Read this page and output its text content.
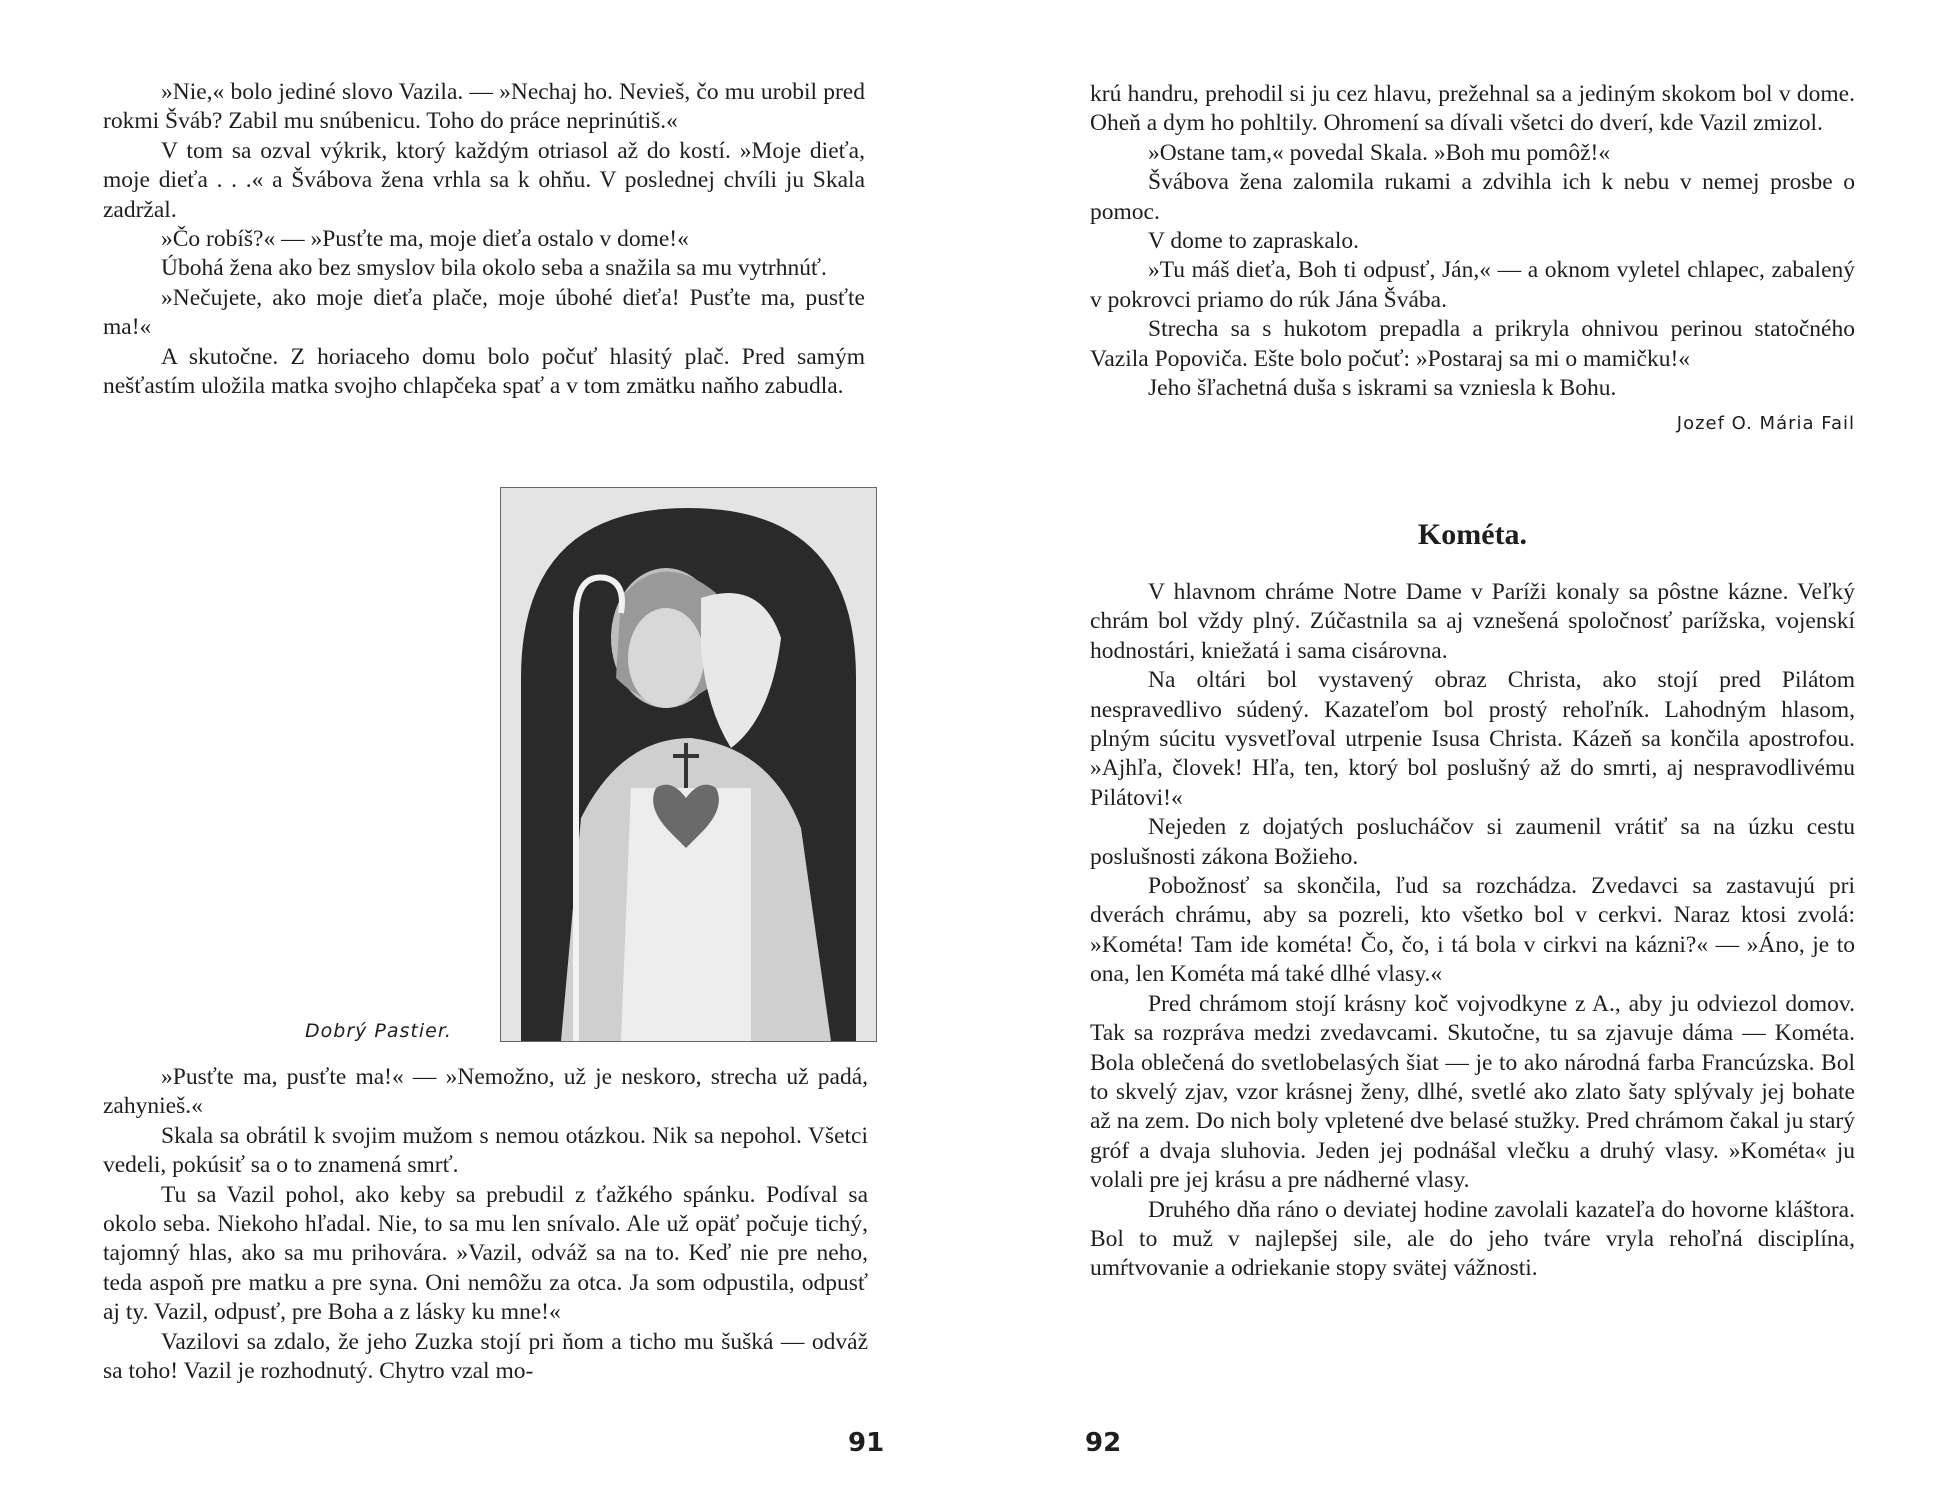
»Nie,« bolo jediné slovo Vazila. — »Nechaj ho. Nevieš, čo mu urobil pred rokmi Šváb? Zabil mu snúbenicu. Toho do práce neprinútiš.«

V tom sa ozval výkrik, ktorý každým otriasol až do kostí. »Moje dieťa, moje dieťa . . .« a Švábova žena vrhla sa k ohňu. V poslednej chvíli ju Skala zadržal.

»Čo robíš?« — »Pusťte ma, moje dieťa ostalo v dome!«

Úbohá žena ako bez smyslov bila okolo seba a snažila sa mu vytrhnúť.

»Nečujete, ako moje dieťa plače, moje úbohé dieťa! Pusťte ma, pusťte ma!«

A skutočne. Z horiaceho domu bolo počuť hlasitý plač. Pred samým nešťastím uložila matka svojho chlapčeka spať a v tom zmätku naňho zabudla.

Dobrý Pastier.

»Pusťte ma, pusťte ma!« — »Nemožno, už je neskoro, strecha už padá, zahynieš.«

Skala sa obrátil k svojim mužom s nemou otázkou. Nik sa nepohol. Všetci vedeli, pokúsiť sa o to znamená smrť.

Tu sa Vazil pohol, ako keby sa prebudil z ťažkého spánku. Podíval sa okolo seba. Niekoho hľadal. Nie, to sa mu len snívalo. Ale už opäť počuje tichý, tajomný hlas, ako sa mu prihovára. »Vazil, odváž sa na to. Keď nie pre neho, teda aspoň pre matku a pre syna. Oni nemôžu za otca. Ja som odpustila, odpusť aj ty. Vazil, odpusť, pre Boha a z lásky ku mne!«

Vazilovi sa zdalo, že jeho Zuzka stojí pri ňom a ticho mu šušká — odváž sa toho! Vazil je rozhodnutý. Chytro vzal mo-

91

krú handru, prehodil si ju cez hlavu, prežehnal sa a jediným skokom bol v dome. Oheň a dym ho pohltily. Ohromení sa dívali všetci do dverí, kde Vazil zmizol.

»Ostane tam,« povedal Skala. »Boh mu pomôž!«

Švábova žena zalomila rukami a zdvihla ich k nebu v nemej prosbe o pomoc.

V dome to zapraskalo.

»Tu máš dieťa, Boh ti odpusť, Ján,« — a oknom vyletel chlapec, zabalený v pokrovci priamo do rúk Jána Švába.

Strecha sa s hukotom prepadla a prikryla ohnivou perinou statočného Vazila Popoviča. Ešte bolo počuť: »Postaraj sa mi o mamičku!«

Jeho šľachetná duša s iskrami sa vzniesla k Bohu.

Jozef O. Mária Fail
Kométa.

V hlavnom chráme Notre Dame v Paríži konaly sa pôstne kázne. Veľký chrám bol vždy plný. Zúčastnila sa aj vznešená spoločnosť parížska, vojenskí hodnostári, kniežatá i sama cisárovna.

Na oltári bol vystavený obraz Christa, ako stojí pred Pilátom nespravedlivo súdený. Kazateľom bol prostý rehoľník. Lahodným hlasom, plným súcitu vysvetľoval utrpenie Isusa Christa. Kázeň sa končila apostrofou. »Ajhľa, človek! Hľa, ten, ktorý bol poslušný až do smrti, aj nespravodlivému Pilátovi!«

Nejeden z dojatých poslucháčov si zaumenil vrátiť sa na úzku cestu poslušnosti zákona Božieho.

Pobožnosť sa skončila, ľud sa rozchádza. Zvedavci sa zastavujú pri dverách chrámu, aby sa pozreli, kto všetko bol v cerkvi. Naraz ktosi zvolá: »Kométa! Tam ide kométa! Čo, čo, i tá bola v cirkvi na kázni?« — »Áno, je to ona, len Kométa má také dlhé vlasy.«

Pred chrámom stojí krásny koč vojvodkyne z A., aby ju odviezol domov. Tak sa rozpráva medzi zvedavcami. Skutočne, tu sa zjavuje dáma — Kométa. Bola oblečená do svetlobelasých šiat — je to ako národná farba Francúzska. Bol to skvelý zjav, vzor krásnej ženy, dlhé, svetlé ako zlato šaty splývaly jej bohate až na zem. Do nich boly vpletené dve belasé stužky. Pred chrámom čakal ju starý gróf a dvaja sluhovia. Jeden jej podnášal vlečku a druhý vlasy. »Kométa« ju volali pre jej krásu a pre nádherné vlasy.

Druhého dňa ráno o deviatej hodine zavolali kazateľa do hovorne kláštora. Bol to muž v najlepšej sile, ale do jeho tváre vryla rehoľná disciplína, umŕtvovanie a odriekanie stopy svätej vážnosti.

92
